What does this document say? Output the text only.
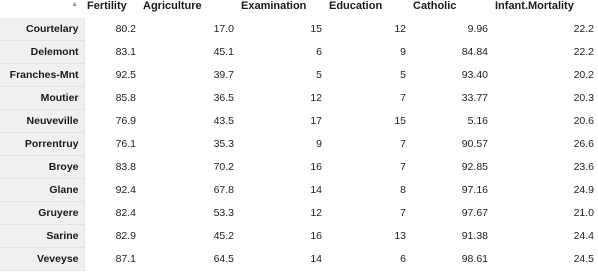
▲	Fertility	Agriculture	Examination	Education	Catholic	Infant.Mortality
Courtelary	80.2	17.0	15	12	9.96	22.2
Delemont	83.1	45.1	6	9	84.84	22.2
Franches-Mnt	92.5	39.7	5	5	93.40	20.2
Moutier	85.8	36.5	12	7	33.77	20.3
Neuveville	76.9	43.5	17	15	5.16	20.6
Porrentruy	76.1	35.3	9	7	90.57	26.6
Broye	83.8	70.2	16	7	92.85	23.6
Glane	92.4	67.8	14	8	97.16	24.9
Gruyere	82.4	53.3	12	7	97.67	21.0
Sarine	82.9	45.2	16	13	91.38	24.4
Veveyse	87.1	64.5	14	6	98.61	24.5
